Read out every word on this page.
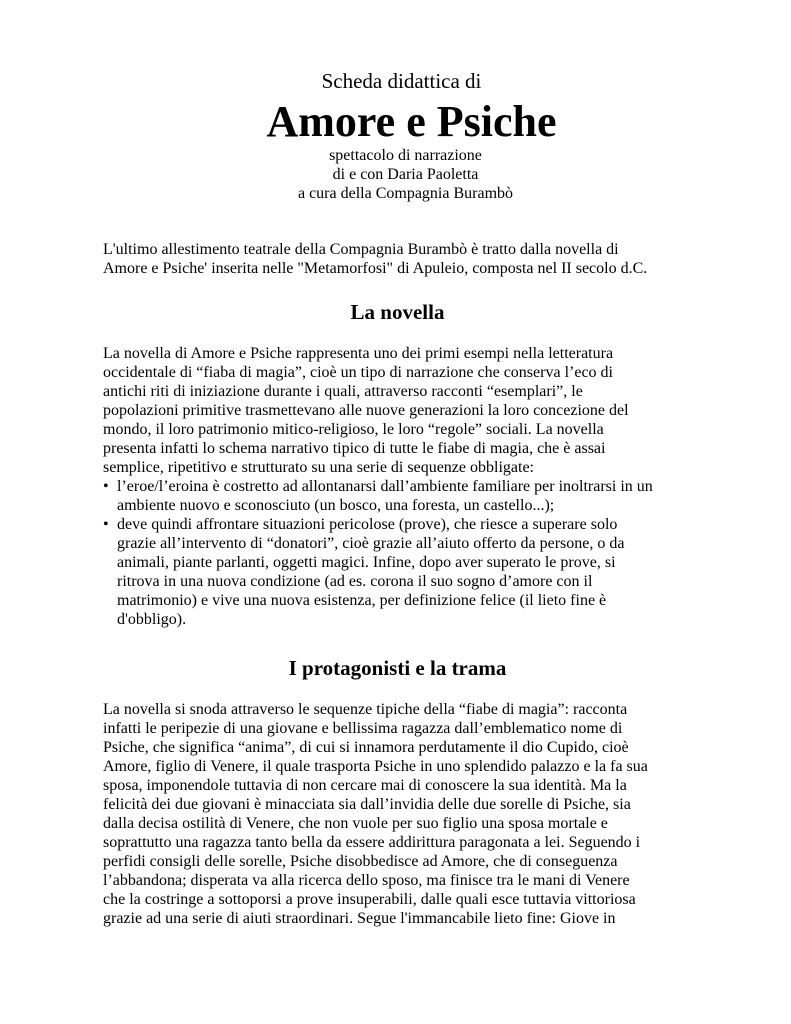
Scheda didattica di
Amore e Psiche
spettacolo di narrazione
di e con Daria Paoletta
a cura della Compagnia Burambò

L'ultimo allestimento teatrale della Compagnia Burambò è tratto dalla novella di
Amore e Psiche' inserita nelle "Metamorfosi" di Apuleio, composta nel II secolo d.C.

La novella

La novella di Amore e Psiche rappresenta uno dei primi esempi nella letteratura
occidentale di “fiaba di magia”, cioè un tipo di narrazione che conserva l’eco di
antichi riti di iniziazione durante i quali, attraverso racconti “esemplari”, le
popolazioni primitive trasmettevano alle nuove generazioni la loro concezione del
mondo, il loro patrimonio mitico-religioso, le loro “regole” sociali. La novella
presenta infatti lo schema narrativo tipico di tutte le fiabe di magia, che è assai
semplice, ripetitivo e strutturato su una serie di sequenze obbligate:

• l’eroe/l’eroina è costretto ad allontanarsi dall’ambiente familiare per inoltrarsi in un
ambiente nuovo e sconosciuto (un bosco, una foresta, un castello...);
• deve quindi affrontare situazioni pericolose (prove), che riesce a superare solo
grazie all’intervento di “donatori”, cioè grazie all’aiuto offerto da persone, o da
animali, piante parlanti, oggetti magici. Infine, dopo aver superato le prove, si
ritrova in una nuova condizione (ad es. corona il suo sogno d’amore con il
matrimonio) e vive una nuova esistenza, per definizione felice (il lieto fine è
d'obbligo).
I protagonisti e la trama

La novella si snoda attraverso le sequenze tipiche della “fiabe di magia”: racconta
infatti le peripezie di una giovane e bellissima ragazza dall’emblematico nome di
Psiche, che significa “anima”, di cui si innamora perdutamente il dio Cupido, cioè
Amore, figlio di Venere, il quale trasporta Psiche in uno splendido palazzo e la fa sua
sposa, imponendole tuttavia di non cercare mai di conoscere la sua identità. Ma la
felicità dei due giovani è minacciata sia dall’invidia delle due sorelle di Psiche, sia
dalla decisa ostilità di Venere, che non vuole per suo figlio una sposa mortale e
soprattutto una ragazza tanto bella da essere addirittura paragonata a lei. Seguendo i
perfidi consigli delle sorelle, Psiche disobbedisce ad Amore, che di conseguenza
l’abbandona; disperata va alla ricerca dello sposo, ma finisce tra le mani di Venere
che la costringe a sottoporsi a prove insuperabili, dalle quali esce tuttavia vittoriosa
grazie ad una serie di aiuti straordinari. Segue l'immancabile lieto fine: Giove in
